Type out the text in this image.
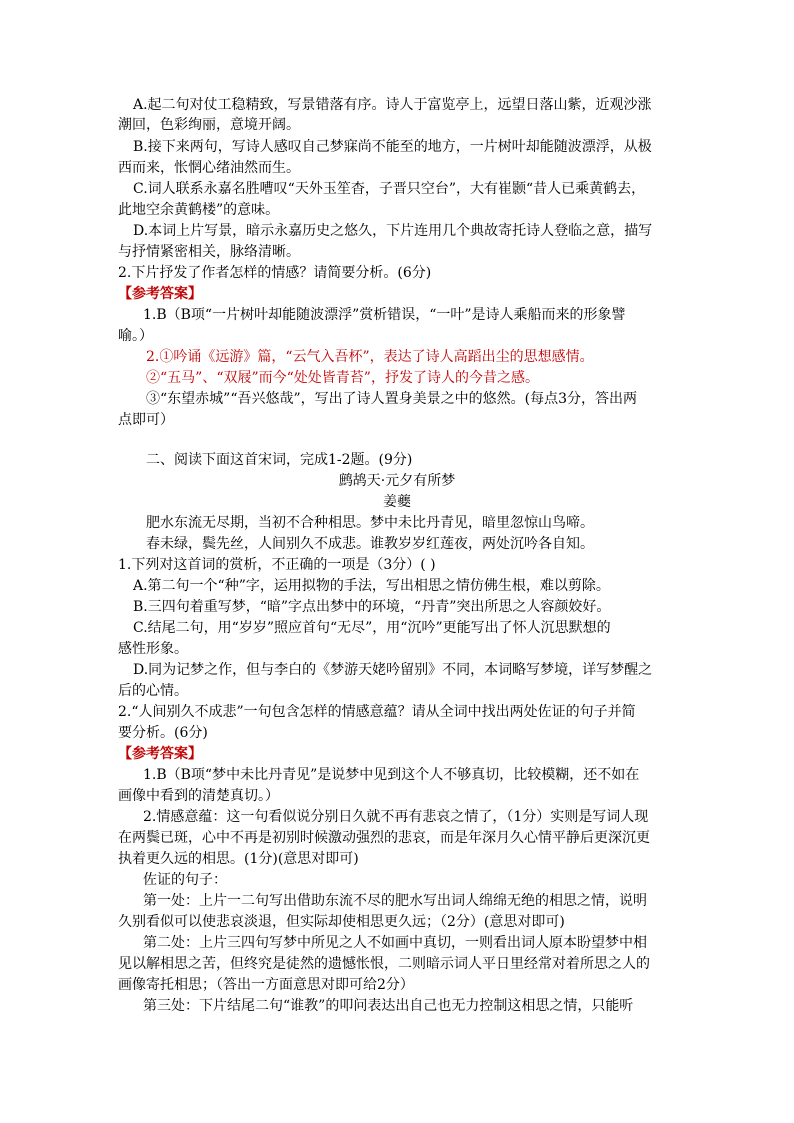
A.起二句对仗工稳精致，写景错落有序。诗人于富览亭上，远望日落山紫，近观沙涨
潮回，色彩绚丽，意境开阔。
B.接下来两句，写诗人感叹自己梦寐尚不能至的地方，一片树叶却能随波漂浮，从极
西而来，怅惘心绪油然而生。
C.词人联系永嘉名胜嘈叹“天外玉笙杳，子晋只空台”，大有崔颢“昔人已乘黄鹤去，
此地空余黄鹤楼”的意味。
D.本词上片写景，暗示永嘉历史之悠久，下片连用几个典故寄托诗人登临之意，描写
与抒情紧密相关，脉络清晰。
2.下片抒发了作者怎样的情感？请简要分析。(6分)
【参考答案】
1.B（B项“一片树叶却能随波漂浮”赏析错误，“一叶”是诗人乘船而来的形象譬
喻。）
2.①吟诵《远游》篇，“云气入吾杯”，表达了诗人高蹈出尘的思想感情。
②“五马”、“双屐”而今“处处皆青苔”，抒发了诗人的今昔之感。
③“东望赤城”“吾兴悠哉”，写出了诗人置身美景之中的悠然。(每点3分，答出两
点即可）
二、阅读下面这首宋词，完成1-2题。(9分)
鹧鸪天·元夕有所梦
姜夔
肥水东流无尽期，当初不合种相思。梦中未比丹青见，暗里忽惊山鸟啼。
春未绿，鬓先丝，人间别久不成悲。谁教岁岁红莲夜，两处沉吟各自知。
1.下列对这首词的赏析，不正确的一项是（3分）( )
A.第二句一个“种”字，运用拟物的手法，写出相思之情仿佛生根，难以剪除。
B.三四句着重写梦，“暗”字点出梦中的环境，“丹青”突出所思之人容颜姣好。
C.结尾二句，用“岁岁”照应首句“无尽”，用“沉吟”更能写出了怀人沉思默想的
感性形象。
D.同为记梦之作，但与李白的《梦游天姥吟留别》不同，本词略写梦境，详写梦醒之
后的心情。
2.“人间别久不成悲”一句包含怎样的情感意蕴？请从全词中找出两处佐证的句子并简
要分析。(6分)
【参考答案】
1.B（B项“梦中未比丹青见”是说梦中见到这个人不够真切，比较模糊，还不如在
画像中看到的清楚真切。）
2.情感意蕴：这一句看似说分别日久就不再有悲哀之情了，（1分）实则是写词人现
在两鬓已斑，心中不再是初别时候激动强烈的悲哀，而是年深月久心情平静后更深沉更
执着更久远的相思。(1分)(意思对即可)
佐证的句子：
第一处：上片一二句写出借助东流不尽的肥水写出词人绵绵无绝的相思之情，说明
久别看似可以使悲哀淡退，但实际却使相思更久远；（2分）(意思对即可)
第二处：上片三四句写梦中所见之人不如画中真切，一则看出词人原本盼望梦中相
见以解相思之苦，但终究是徒然的遗憾怅恨，二则暗示词人平日里经常对着所思之人的
画像寄托相思；（答出一方面意思对即可给2分）
第三处：下片结尾二句“谁教”的叩问表达出自己也无力控制这相思之情，只能听
